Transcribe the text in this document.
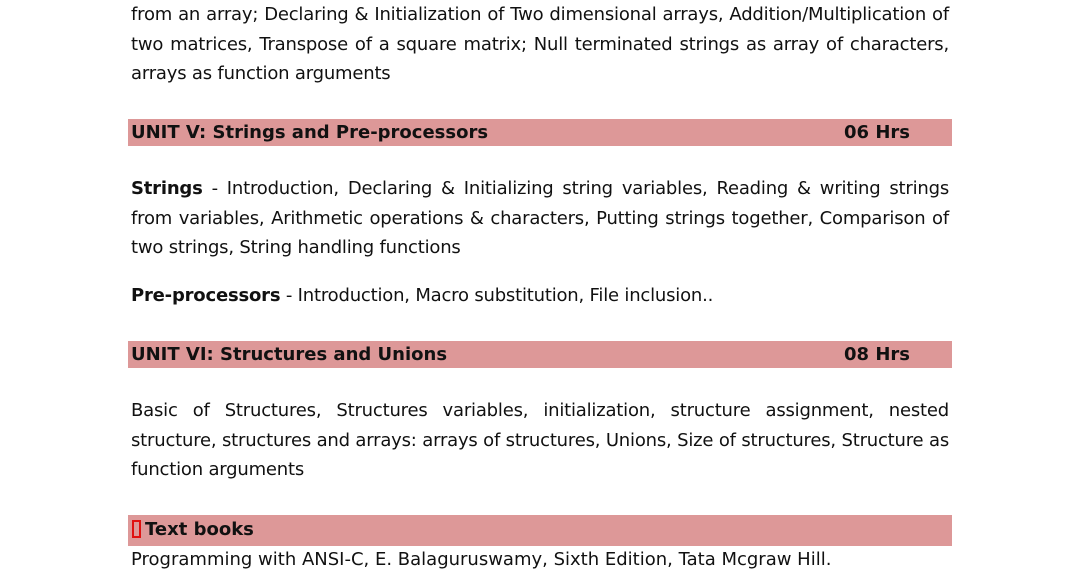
from an array; Declaring & Initialization of Two dimensional arrays, Addition/Multiplication of two matrices, Transpose of a square matrix; Null terminated strings as array of characters, arrays as function arguments

UNIT V: Strings and Pre-processors	06 Hrs

Strings - Introduction, Declaring & Initializing string variables, Reading & writing strings from variables, Arithmetic operations & characters, Putting strings together, Comparison of two strings, String handling functions

Pre-processors - Introduction, Macro substitution, File inclusion..

UNIT VI: Structures and Unions	08 Hrs

Basic of Structures, Structures variables, initialization, structure assignment, nested structure, structures and arrays: arrays of structures, Unions, Size of structures, Structure as function arguments

Text books
Programming with ANSI-C, E. Balaguruswamy, Sixth Edition, Tata Mcgraw Hill.
